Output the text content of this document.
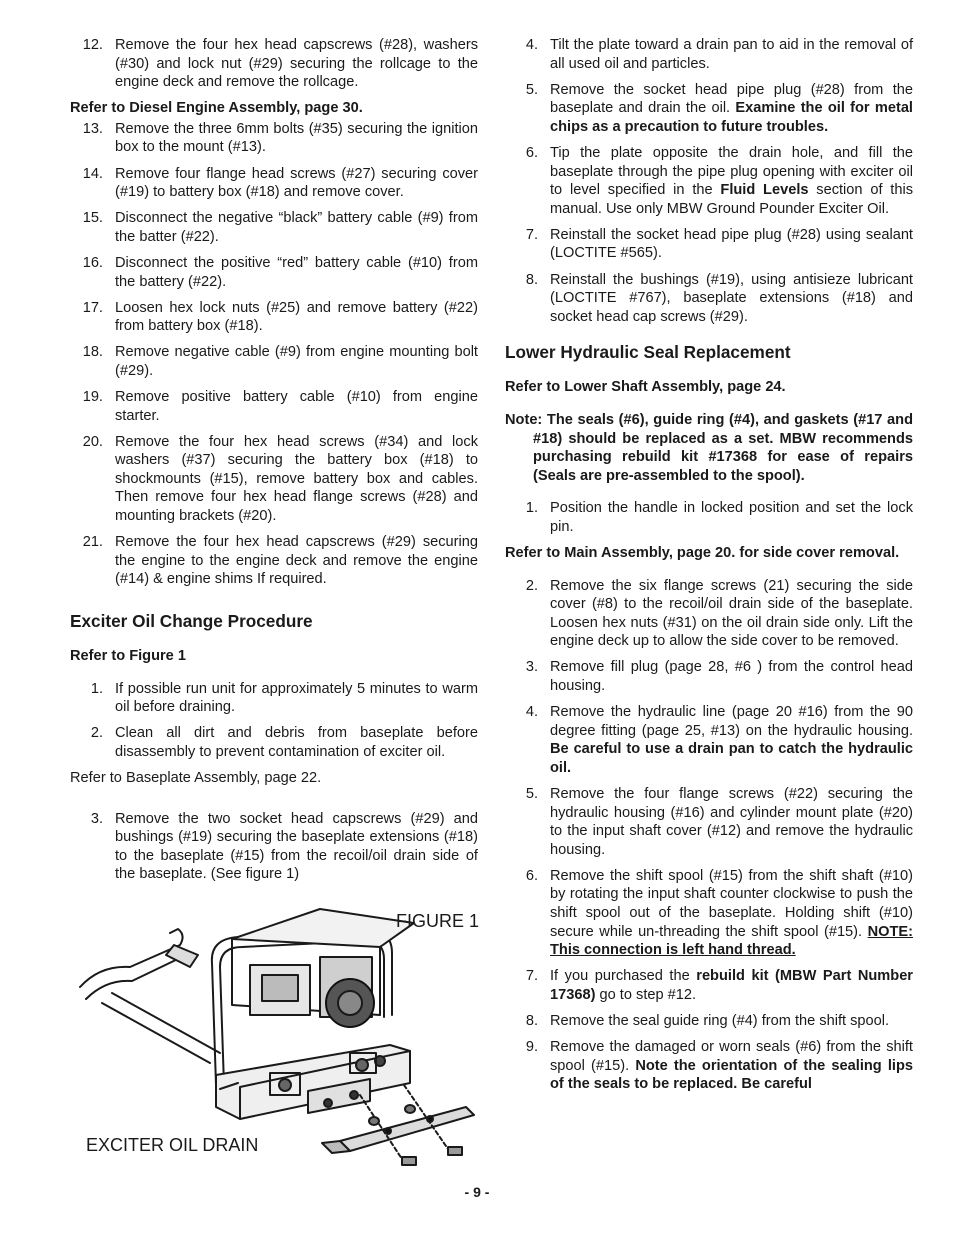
12. Remove the four hex head capscrews (#28), washers (#30) and lock nut (#29) securing the rollcage to the engine deck and remove the rollcage.
Refer to Diesel Engine Assembly, page 30.
13. Remove the three 6mm bolts (#35) securing the ignition box to the mount (#13).
14. Remove four flange head screws (#27) securing cover (#19) to battery box (#18) and remove cover.
15. Disconnect the negative “black” battery cable (#9) from the batter (#22).
16. Disconnect the positive “red” battery cable (#10) from the battery (#22).
17. Loosen hex lock nuts (#25) and remove battery (#22) from battery box (#18).
18. Remove negative cable (#9) from engine mounting bolt (#29).
19. Remove positive battery cable (#10) from engine starter.
20. Remove the four hex head screws (#34) and lock washers (#37) securing the battery box (#18) to shockmounts (#15), remove battery box and cables. Then remove four hex head flange screws (#28) and mounting brackets (#20).
21. Remove the four hex head capscrews (#29) securing the engine to the engine deck and remove the engine (#14) & engine shims If required.
Exciter Oil Change Procedure
Refer to Figure 1
1. If possible run unit for approximately 5 minutes to warm oil before draining.
2. Clean all dirt and debris from baseplate before disassembly to prevent contamination of exciter oil.
Refer to Baseplate Assembly, page 22.
3. Remove the two socket head capscrews (#29) and bushings (#19) securing the baseplate extensions (#18) to the baseplate (#15) from the recoil/oil drain side of the baseplate. (See figure 1)
FIGURE 1
EXCITER OIL DRAIN
4. Tilt the plate toward a drain pan to aid in the removal of all used oil and particles.
5. Remove the socket head pipe plug (#28) from the baseplate and drain the oil. Examine the oil for metal chips as a precaution to future troubles.
6. Tip the plate opposite the drain hole, and fill the baseplate through the pipe plug opening with exciter oil to level specified in the Fluid Levels section of this manual. Use only MBW Ground Pounder Exciter Oil.
7. Reinstall the socket head pipe plug (#28) using sealant (LOCTITE #565).
8. Reinstall the bushings (#19), using antisieze lubricant (LOCTITE #767), baseplate extensions (#18) and socket head cap screws (#29).
Lower Hydraulic Seal Replacement
Refer to Lower Shaft Assembly, page 24.
Note: The seals (#6), guide ring (#4), and gaskets (#17 and #18) should be replaced as a set. MBW recommends purchasing rebuild kit #17368 for ease of repairs (Seals are pre-assembled to the spool).
1. Position the handle in locked position and set the lock pin.
Refer to Main Assembly, page 20. for side cover removal.
2. Remove the six flange screws (21) securing the side cover (#8) to the recoil/oil drain side of the baseplate. Loosen hex nuts (#31) on the oil drain side only. Lift the engine deck up to allow the side cover to be removed.
3. Remove fill plug (page 28, #6 ) from the control head housing.
4. Remove the hydraulic line (page 20 #16) from the 90 degree fitting (page 25, #13) on the hydraulic housing. Be careful to use a drain pan to catch the hydraulic oil.
5. Remove the four flange screws (#22) securing the hydraulic housing (#16) and cylinder mount plate (#20) to the input shaft cover (#12) and remove the hydraulic housing.
6. Remove the shift spool (#15) from the shift shaft (#10) by rotating the input shaft counter clockwise to push the shift spool out of the baseplate. Holding shift (#10) secure while un-threading the shift spool (#15). NOTE: This connection is left hand thread.
7. If you purchased the rebuild kit (MBW Part Number 17368) go to step #12.
8. Remove the seal guide ring (#4) from the shift spool.
9. Remove the damaged or worn seals (#6) from the shift spool (#15). Note the orientation of the sealing lips of the seals to be replaced. Be careful
- 9 -
